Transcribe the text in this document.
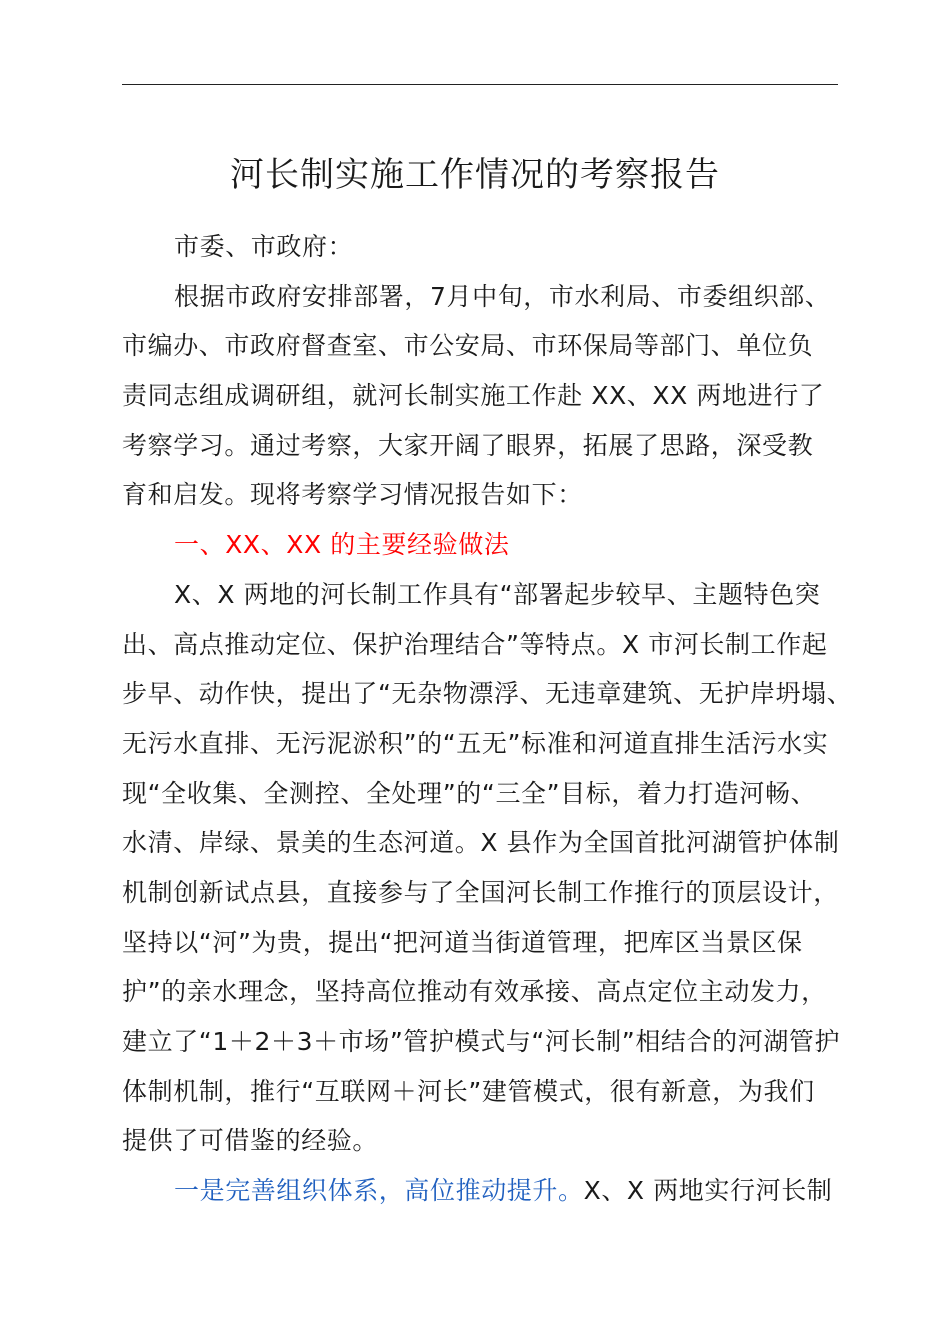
河长制实施工作情况的考察报告
市委、市政府：
根据市政府安排部署，7月中旬，市水利局、市委组织部、
市编办、市政府督查室、市公安局、市环保局等部门、单位负
责同志组成调研组，就河长制实施工作赴 XX、XX 两地进行了
考察学习。通过考察，大家开阔了眼界，拓展了思路，深受教
育和启发。现将考察学习情况报告如下：
一、XX、XX 的主要经验做法
X、X 两地的河长制工作具有“部署起步较早、主题特色突
出、高点推动定位、保护治理结合”等特点。X 市河长制工作起
步早、动作快，提出了“无杂物漂浮、无违章建筑、无护岸坍塌、
无污水直排、无污泥淤积”的“五无”标准和河道直排生活污水实
现“全收集、全测控、全处理”的“三全”目标，着力打造河畅、
水清、岸绿、景美的生态河道。X 县作为全国首批河湖管护体制
机制创新试点县，直接参与了全国河长制工作推行的顶层设计，
坚持以“河”为贵，提出“把河道当街道管理，把库区当景区保
护”的亲水理念，坚持高位推动有效承接、高点定位主动发力，
建立了“1＋2＋3＋市场”管护模式与“河长制”相结合的河湖管护
体制机制，推行“互联网＋河长”建管模式，很有新意，为我们
提供了可借鉴的经验。
一是完善组织体系，高位推动提升。X、X 两地实行河长制
